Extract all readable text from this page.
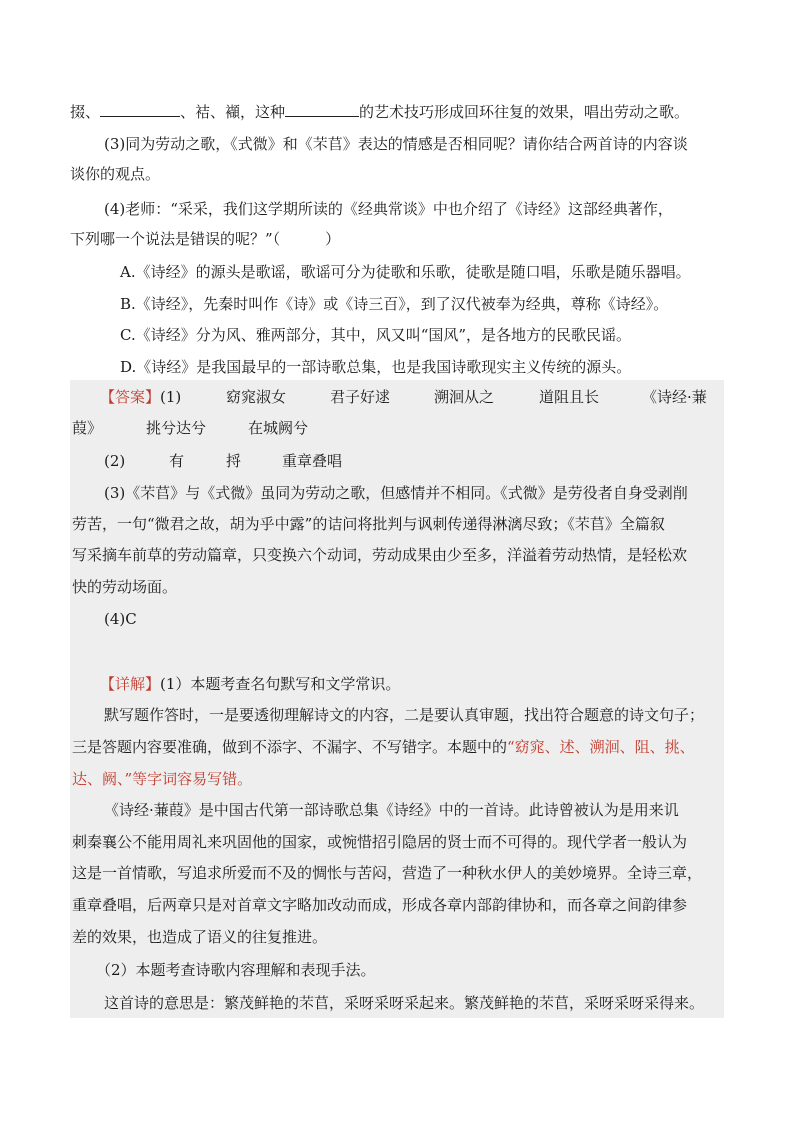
掇、	、袺、襭，这种	的艺术技巧形成回环往复的效果，唱出劳动之歌。
(3)同为劳动之歌，《式微》和《芣苢》表达的情感是否相同呢？请你结合两首诗的内容谈
谈你的观点。
(4)老师：“采采，我们这学期所读的《经典常谈》中也介绍了《诗经》这部经典著作，
下列哪一个说法是错误的呢？”（　　　）
A.《诗经》的源头是歌谣，歌谣可分为徒歌和乐歌，徒歌是随口唱，乐歌是随乐器唱。
B.《诗经》，先秦时叫作《诗》或《诗三百》，到了汉代被奉为经典，尊称《诗经》。
C.《诗经》分为风、雅两部分，其中，风又叫“国风”，是各地方的民歌民谣。
D.《诗经》是我国最早的一部诗歌总集，也是我国诗歌现实主义传统的源头。
【答案】(1)	窈窕淑女	君子好逑	溯洄从之	道阻且长	《诗经·蒹
葭》	挑兮达兮	在城阙兮
(2)	有	捋	重章叠唱
(3)《芣苢》与《式微》虽同为劳动之歌，但感情并不相同。《式微》是劳役者自身受剥削
劳苦，一句“微君之故，胡为乎中露”的诘问将批判与讽刺传递得淋漓尽致；《芣苢》全篇叙
写采摘车前草的劳动篇章，只变换六个动词，劳动成果由少至多，洋溢着劳动热情，是轻松欢
快的劳动场面。
(4)C
【详解】(1）本题考查名句默写和文学常识。
默写题作答时，一是要透彻理解诗文的内容，二是要认真审题，找出符合题意的诗文句子；
三是答题内容要准确，做到不添字、不漏字、不写错字。本题中的“窈窕、述、溯洄、阻、挑、
达、阙、”等字词容易写错。
《诗经·蒹葭》是中国古代第一部诗歌总集《诗经》中的一首诗。此诗曾被认为是用来讥
刺秦襄公不能用周礼来巩固他的国家，或惋惜招引隐居的贤士而不可得的。现代学者一般认为
这是一首情歌，写追求所爱而不及的惆怅与苦闷，营造了一种秋水伊人的美妙境界。全诗三章，
重章叠唱，后两章只是对首章文字略加改动而成，形成各章内部韵律协和，而各章之间韵律参
差的效果，也造成了语义的往复推进。
（2）本题考查诗歌内容理解和表现手法。
这首诗的意思是：繁茂鲜艳的芣苢，采呀采呀采起来。繁茂鲜艳的芣苢，采呀采呀采得来。
